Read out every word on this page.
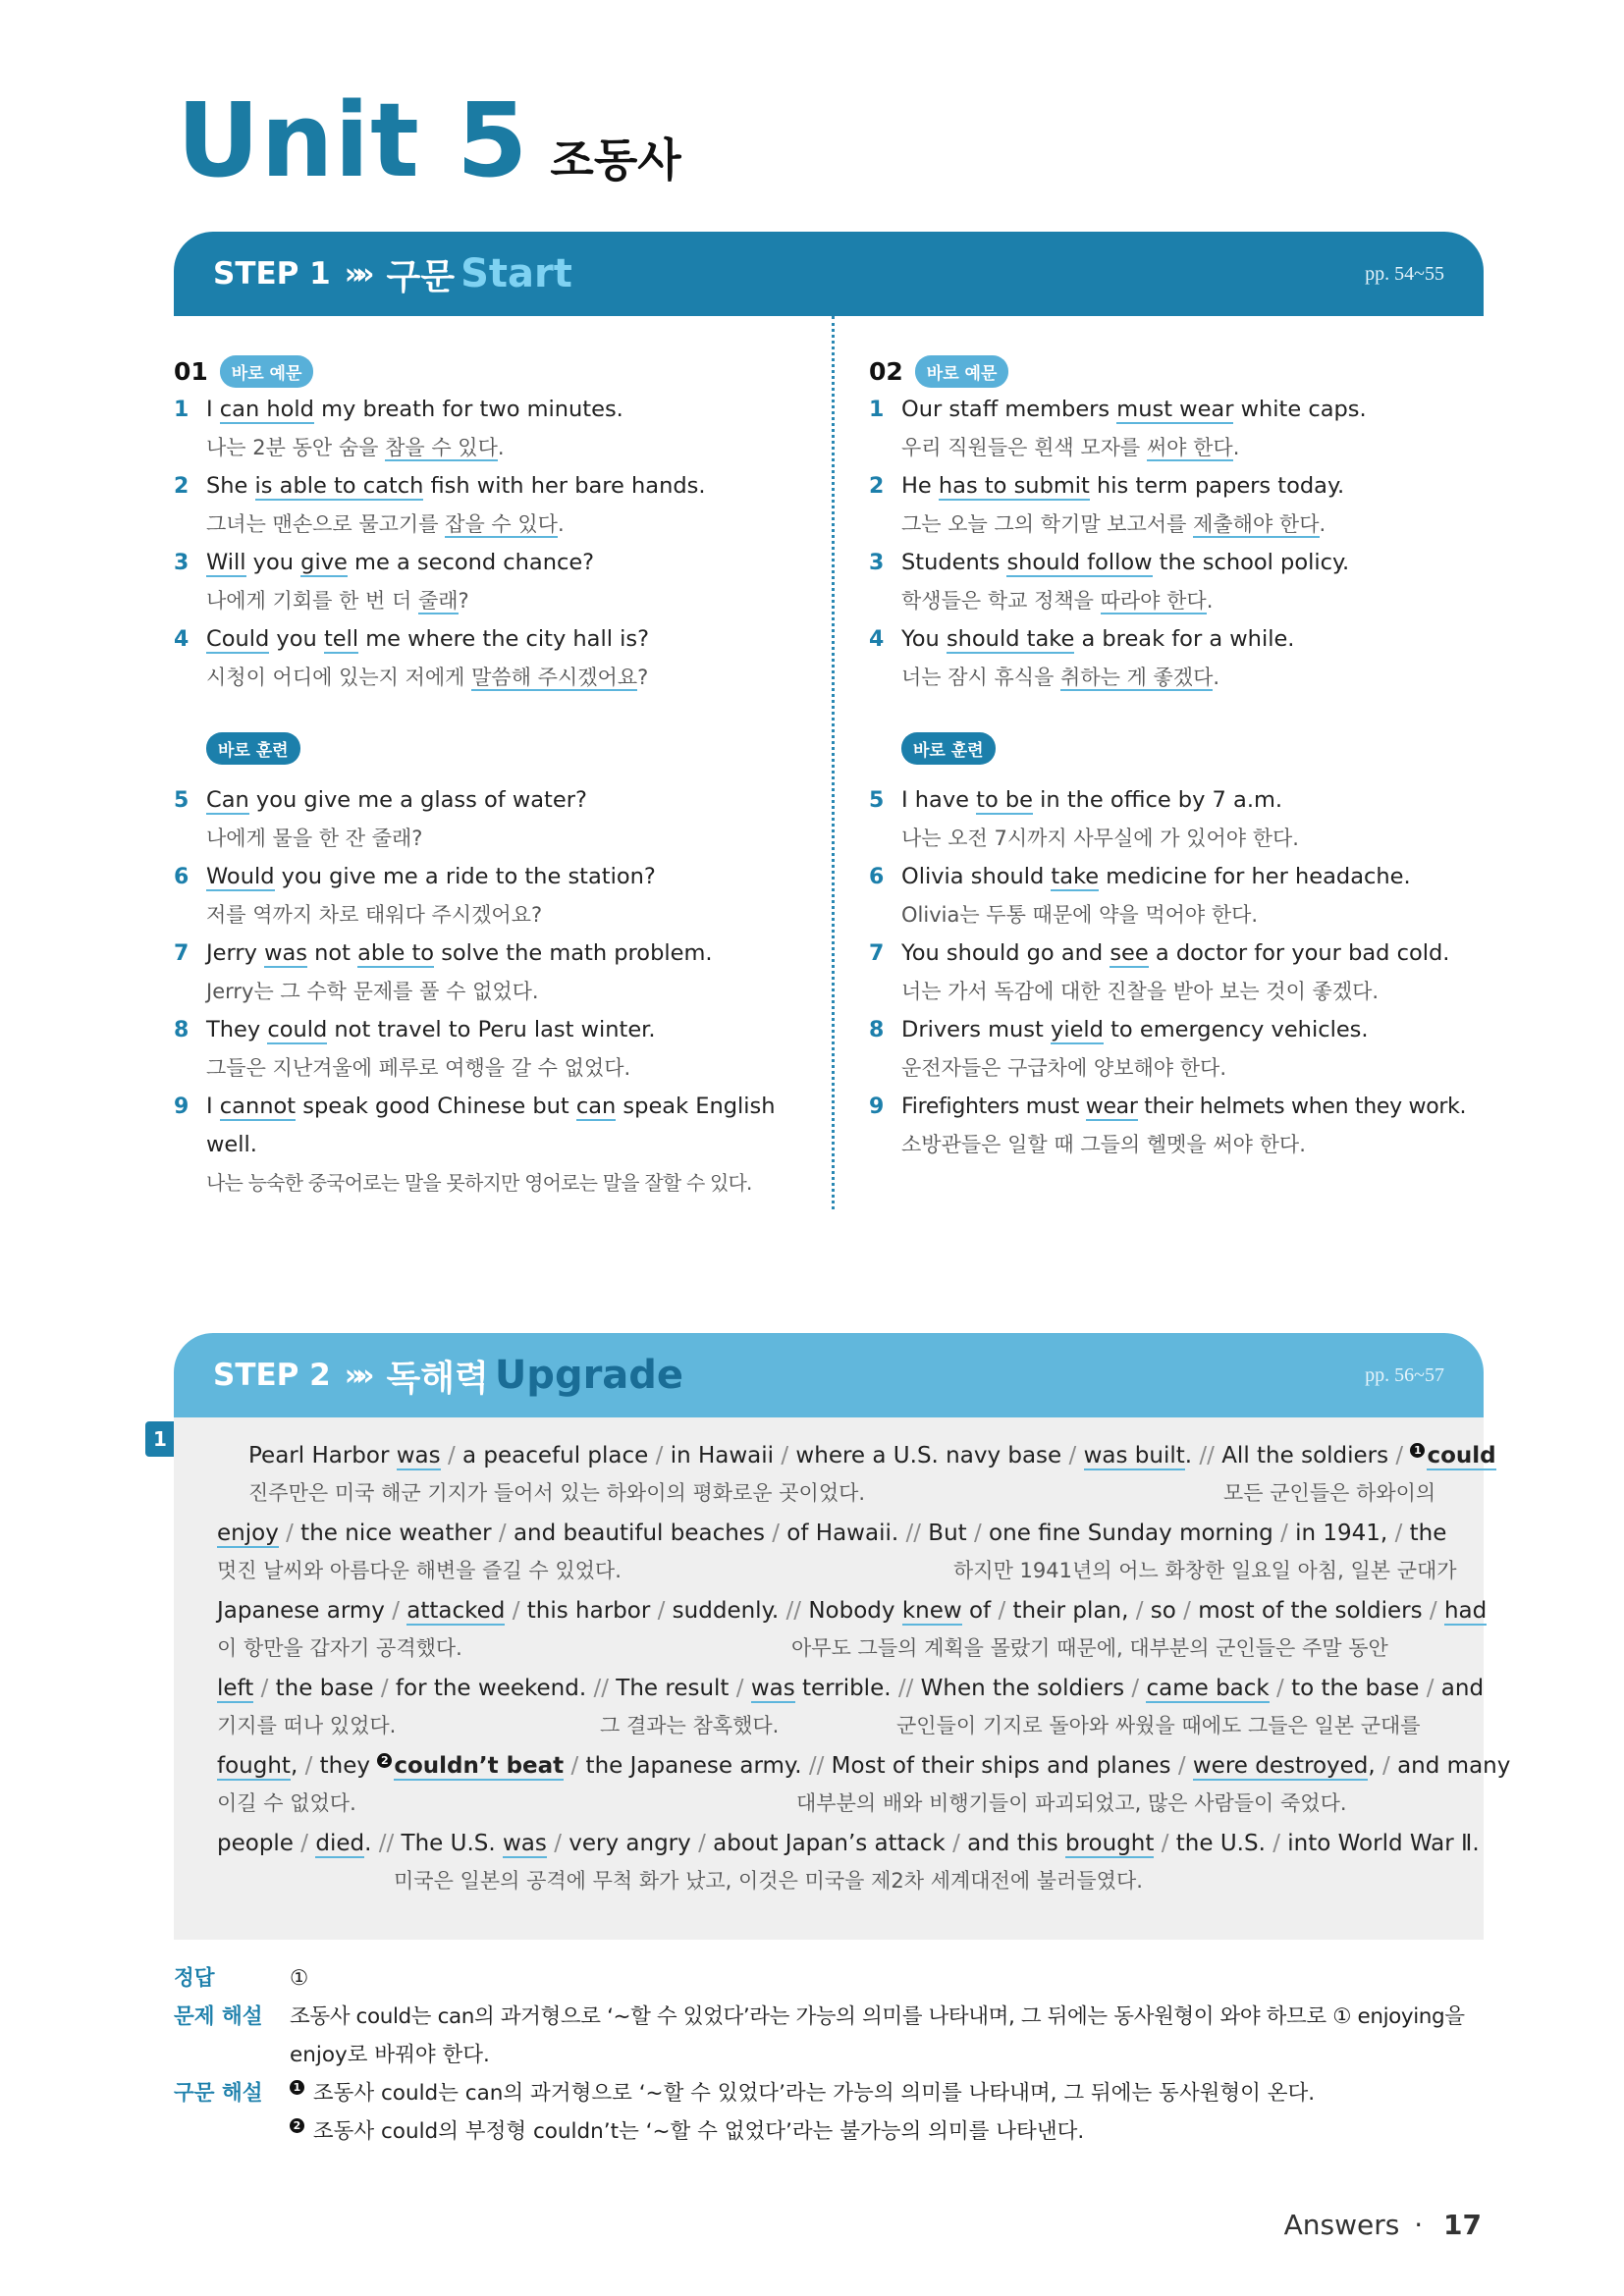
Unit 5 조동사
STEP 1 »» 구문 Start	pp. 54~55
01	바로 예문
1 I can hold my breath for two minutes.
나는 2분 동안 숨을 참을 수 있다.
2 She is able to catch fish with her bare hands.
그녀는 맨손으로 물고기를 잡을 수 있다.
3 Will you give me a second chance?
나에게 기회를 한 번 더 줄래?
4 Could you tell me where the city hall is?
시청이 어디에 있는지 저에게 말씀해 주시겠어요?
바로 훈련
5 Can you give me a glass of water?
나에게 물을 한 잔 줄래?
6 Would you give me a ride to the station?
저를 역까지 차로 태워다 주시겠어요?
7 Jerry was not able to solve the math problem.
Jerry는 그 수학 문제를 풀 수 없었다.
8 They could not travel to Peru last winter.
그들은 지난겨울에 페루로 여행을 갈 수 없었다.
9 I cannot speak good Chinese but can speak English well.
나는 능숙한 중국어로는 말을 못하지만 영어로는 말을 잘할 수 있다.
02	바로 예문
1 Our staff members must wear white caps.
우리 직원들은 흰색 모자를 써야 한다.
2 He has to submit his term papers today.
그는 오늘 그의 학기말 보고서를 제출해야 한다.
3 Students should follow the school policy.
학생들은 학교 정책을 따라야 한다.
4 You should take a break for a while.
너는 잠시 휴식을 취하는 게 좋겠다.
바로 훈련
5 I have to be in the office by 7 a.m.
나는 오전 7시까지 사무실에 가 있어야 한다.
6 Olivia should take medicine for her headache.
Olivia는 두통 때문에 약을 먹어야 한다.
7 You should go and see a doctor for your bad cold.
너는 가서 독감에 대한 진찰을 받아 보는 것이 좋겠다.
8 Drivers must yield to emergency vehicles.
운전자들은 구급차에 양보해야 한다.
9 Firefighters must wear their helmets when they work.
소방관들은 일할 때 그들의 헬멧을 써야 한다.
STEP 2 »» 독해력 Upgrade	pp. 56~57
1
Pearl Harbor was / a peaceful place / in Hawaii / where a U.S. navy base / was built. // All the soldiers / 1 could
진주만은 미국 해군 기지가 들어서 있는 하와이의 평화로운 곳이었다.	모든 군인들은 하와이의
enjoy / the nice weather / and beautiful beaches / of Hawaii. // But / one fine Sunday morning / in 1941, / the
멋진 날씨와 아름다운 해변을 즐길 수 있었다.	하지만 1941년의 어느 화창한 일요일 아침, 일본 군대가
Japanese army / attacked / this harbor / suddenly. // Nobody knew of / their plan, / so / most of the soldiers / had
이 항만을 갑자기 공격했다.	아무도 그들의 계획을 몰랐기 때문에, 대부분의 군인들은 주말 동안
left / the base / for the weekend. // The result / was terrible. // When the soldiers / came back / to the base / and
기지를 떠나 있었다.	그 결과는 참혹했다.	군인들이 기지로 돌아와 싸웠을 때에도 그들은 일본 군대를
fought, / they 2 couldn’t beat / the Japanese army. // Most of their ships and planes / were destroyed, / and many
이길 수 없었다.	대부분의 배와 비행기들이 파괴되었고, 많은 사람들이 죽었다.
people / died. // The U.S. was / very angry / about Japan’s attack / and this brought / the U.S. / into World War Ⅱ.
미국은 일본의 공격에 무척 화가 났고, 이것은 미국을 제2차 세계대전에 불러들였다.
정답	①
문제 해설	조동사 could는 can의 과거형으로 ‘~할 수 있었다’라는 가능의 의미를 나타내며, 그 뒤에는 동사원형이 와야 하므로 ① enjoying을
enjoy로 바꿔야 한다.
구문 해설	1 조동사 could는 can의 과거형으로 ‘~할 수 있었다’라는 가능의 의미를 나타내며, 그 뒤에는 동사원형이 온다.
2 조동사 could의 부정형 couldn’t는 ‘~할 수 없었다’라는 불가능의 의미를 나타낸다.
Answers · 17
